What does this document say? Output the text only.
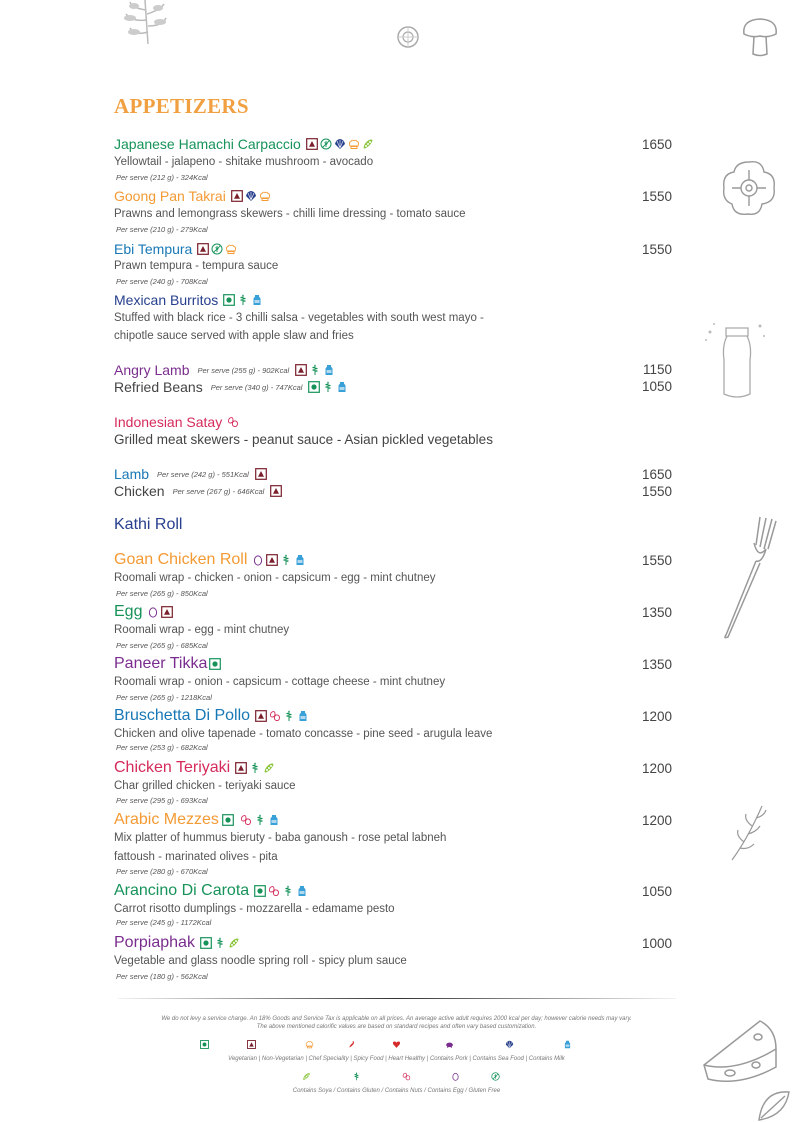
APPETIZERS
Japanese Hamachi Carpaccio	1650
Yellowtail - jalapeno - shitake mushroom - avocado
Per serve (212 g) - 324Kcal
Goong Pan Takrai	1550
Prawns and lemongrass skewers - chilli lime dressing - tomato sauce
Per serve (210 g) - 279Kcal
Ebi Tempura	1550
Prawn tempura - tempura sauce
Per serve (240 g) - 708Kcal
Mexican Burritos
Stuffed with black rice - 3 chilli salsa - vegetables with south west mayo -
chipotle sauce served with apple slaw and fries
Angry Lamb Per serve (255 g) - 902Kcal	1150
Refried Beans Per serve (340 g) - 747Kcal	1050
Indonesian Satay
Grilled meat skewers - peanut sauce - Asian pickled vegetables
Lamb Per serve (242 g) - 551Kcal	1650
Chicken Per serve (267 g) - 646Kcal	1550
Kathi Roll
Goan Chicken Roll	1550
Roomali wrap - chicken - onion - capsicum - egg - mint chutney
Per serve (265 g) - 850Kcal
Egg	1350
Roomali wrap - egg - mint chutney
Per serve (265 g) - 685Kcal
Paneer Tikka	1350
Roomali wrap - onion - capsicum - cottage cheese - mint chutney
Per serve (265 g) - 1218Kcal
Bruschetta Di Pollo	1200
Chicken and olive tapenade - tomato concasse - pine seed - arugula leave
Per serve (253 g) - 682Kcal
Chicken Teriyaki	1200
Char grilled chicken - teriyaki sauce
Per serve (295 g) - 693Kcal
Arabic Mezzes	1200
Mix platter of hummus bieruty - baba ganoush - rose petal labneh
fattoush - marinated olives - pita
Per serve (280 g) - 670Kcal
Arancino Di Carota	1050
Carrot risotto dumplings - mozzarella - edamame pesto
Per serve (245 g) - 1172Kcal
Porpiaphak	1000
Vegetable and glass noodle spring roll - spicy plum sauce
Per serve (180 g) - 562Kcal
We do not levy a service charge. An 18% Goods and Service Tax is applicable on all prices. An average active adult requires 2000 kcal per day; however calorie needs may vary.
The above mentioned calorific values are based on standard recipes and often vary based customization.
Vegetarian | Non-Vegetarian | Chef Speciality | Spicy Food | Heart Healthy | Contains Pork | Contains Sea Food | Contains Milk
Contains Soya / Contains Gluten / Contains Nuts / Contains Egg / Gluten Free
